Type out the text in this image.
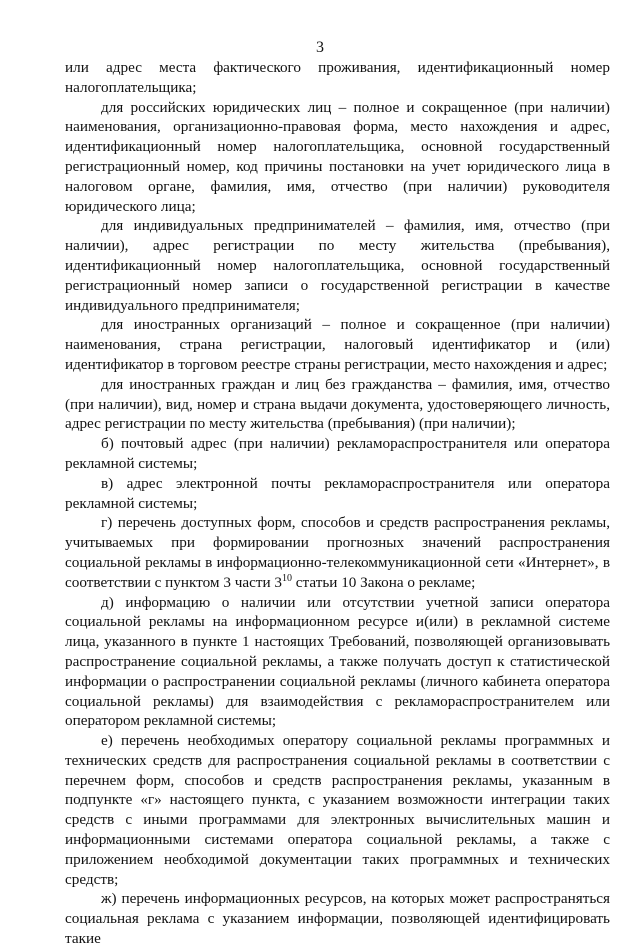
3

или адрес места фактического проживания, идентификационный номер налогоплательщика;

для российских юридических лиц – полное и сокращенное (при наличии) наименования, организационно-правовая форма, место нахождения и адрес, идентификационный номер налогоплательщика, основной государственный регистрационный номер, код причины постановки на учет юридического лица в налоговом органе, фамилия, имя, отчество (при наличии) руководителя юридического лица;

для индивидуальных предпринимателей – фамилия, имя, отчество (при наличии), адрес регистрации по месту жительства (пребывания), идентификационный номер налогоплательщика, основной государственный регистрационный номер записи о государственной регистрации в качестве индивидуального предпринимателя;

для иностранных организаций – полное и сокращенное (при наличии) наименования, страна регистрации, налоговый идентификатор и (или) идентификатор в торговом реестре страны регистрации, место нахождения и адрес;

для иностранных граждан и лиц без гражданства – фамилия, имя, отчество (при наличии), вид, номер и страна выдачи документа, удостоверяющего личность, адрес регистрации по месту жительства (пребывания) (при наличии);

б) почтовый адрес (при наличии) рекламораспространителя или оператора рекламной системы;

в) адрес электронной почты рекламораспространителя или оператора рекламной системы;

г) перечень доступных форм, способов и средств распространения рекламы, учитываемых при формировании прогнозных значений распространения социальной рекламы в информационно-телекоммуникационной сети «Интернет», в соответствии с пунктом 3 части $3^{10}$ статьи 10 Закона о рекламе;

д) информацию о наличии или отсутствии учетной записи оператора социальной рекламы на информационном ресурсе и(или) в рекламной системе лица, указанного в пункте 1 настоящих Требований, позволяющей организовывать распространение социальной рекламы, а также получать доступ к статистической информации о распространении социальной рекламы (личного кабинета оператора социальной рекламы) для взаимодействия с рекламораспространителем или оператором рекламной системы;

е) перечень необходимых оператору социальной рекламы программных и технических средств для распространения социальной рекламы в соответствии с перечнем форм, способов и средств распространения рекламы, указанным в подпункте «г» настоящего пункта, с указанием возможности интеграции таких средств с иными программами для электронных вычислительных машин и информационными системами оператора социальной рекламы, а также с приложением необходимой документации таких программных и технических средств;

ж) перечень информационных ресурсов, на которых может распространяться социальная реклама с указанием информации, позволяющей идентифицировать такие
